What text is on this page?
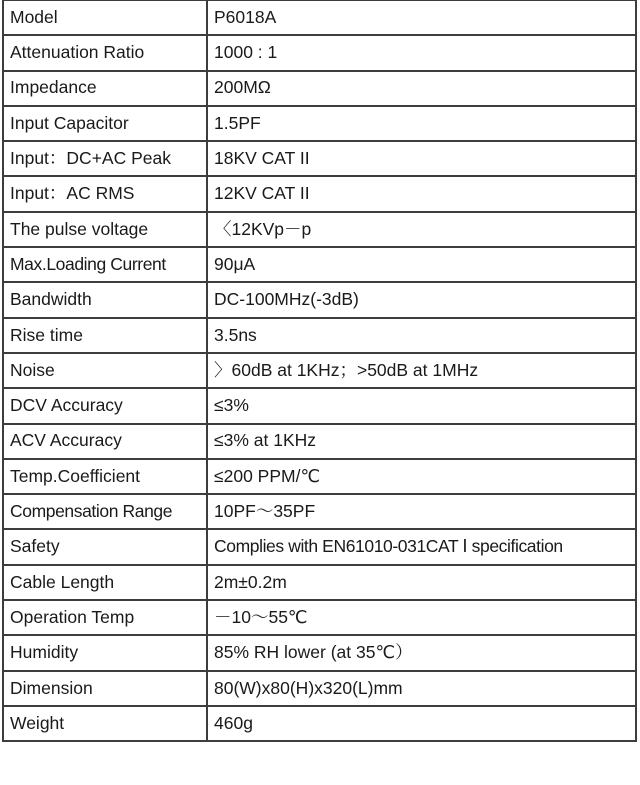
Model	P6018A
Attenuation Ratio	1000 : 1
Impedance	200MΩ
Input Capacitor	1.5PF
Input：DC+AC Peak	18KV CAT II
Input：AC RMS	12KV CAT II
The pulse voltage	〈12KVp－p
Max.Loading Current	90μA
Bandwidth	DC-100MHz(-3dB)
Rise time	3.5ns
Noise	〉60dB at 1KHz；>50dB at 1MHz
DCV Accuracy	≤3%
ACV Accuracy	≤3% at 1KHz
Temp.Coefficient	≤200 PPM/℃
Compensation Range	10PF～35PF
Safety	Complies with EN61010-031CAT Ⅰ specification
Cable Length	2m±0.2m
Operation Temp	－10～55℃
Humidity	85% RH lower (at 35℃）
Dimension	80(W)x80(H)x320(L)mm
Weight	460g
